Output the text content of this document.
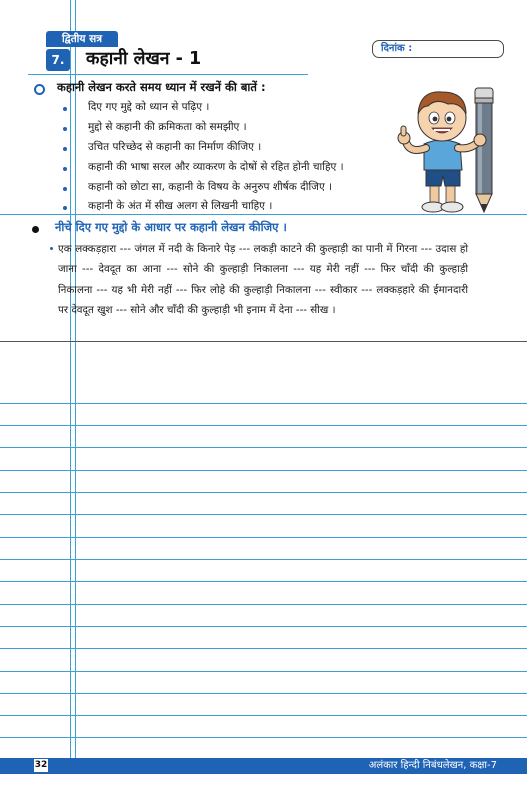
द्वितीय सत्र
7.	कहानी लेखन - 1
दिनांक :
कहानी लेखन करते समय ध्यान में रखनें की बातें :
दिए गए मुद्दे को ध्यान से पढ़िए ।
मुद्दो से कहानी की क्रमिकता को समझीए ।
उचित परिच्छेद से कहानी का निर्माण कीजिए ।
कहानी की भाषा सरल और व्याकरण के दोषों से रहित होनी चाहिए ।
कहानी को छोटा सा, कहानी के विषय के अनुरुप शीर्षक दीजिए ।
कहानी के अंत में सीख अलग से लिखनी चाहिए ।
नीचे दिए गए मुद्दो के आधार पर कहानी लेखन कीजिए ।
एक लक्कड़हारा --- जंगल में नदी के किनारे पेड़ --- लकड़ी काटने की कुल्हाड़ी का पानी में गिरना --- उदास हो जाना --- देवदूत का आना --- सोने की कुल्हाड़ी निकालना --- यह मेरी नहीं --- फिर चाँदी की कुल्हाड़ी निकालना --- यह भी मेरी नहीं --- फिर लोहे की कुल्हाड़ी निकालना --- स्वीकार --- लक्कड़हारे की ईमानदारी पर देवदूत खुश --- सोने और चाँदी की कुल्हाड़ी भी इनाम में देना --- सीख ।
32	अलंकार हिन्दी निबंधलेखन, कक्षा-7
